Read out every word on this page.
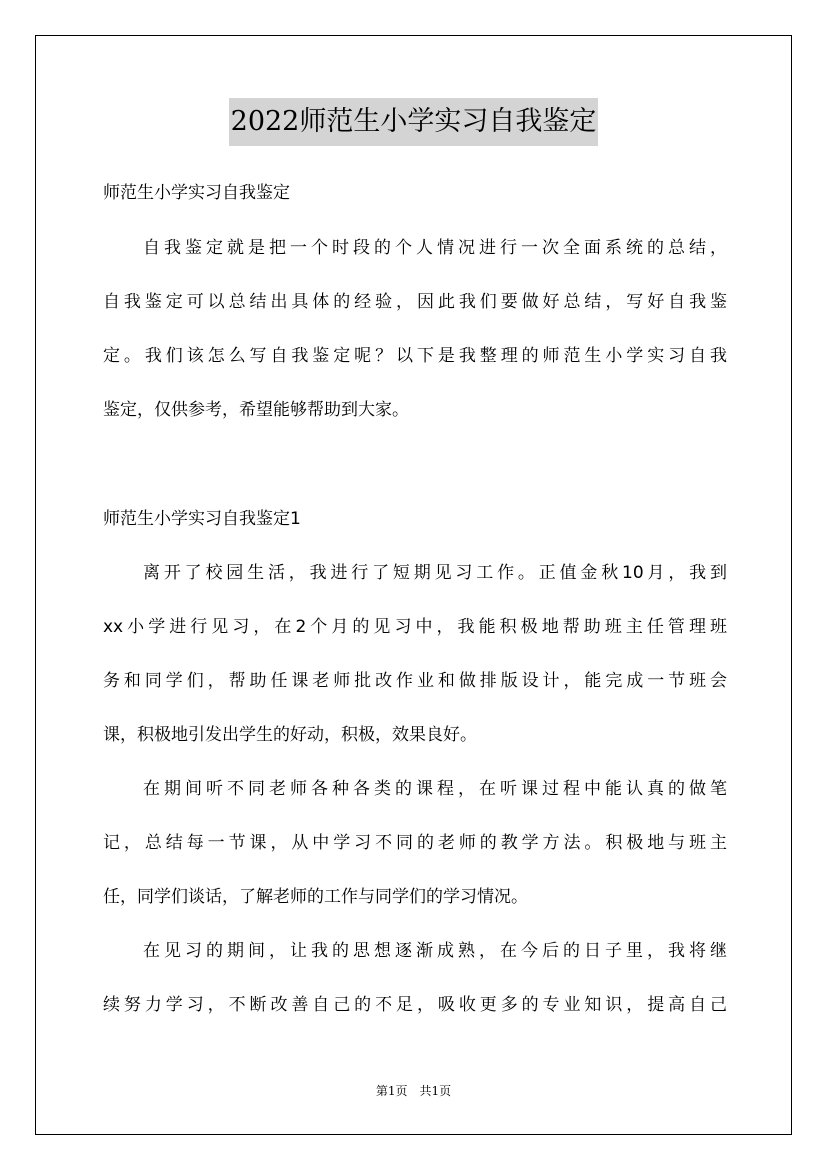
2022师范生小学实习自我鉴定
师范生小学实习自我鉴定
自我鉴定就是把一个时段的个人情况进行一次全面系统的总结，
自我鉴定可以总结出具体的经验，因此我们要做好总结，写好自我鉴
定。我们该怎么写自我鉴定呢？以下是我整理的师范生小学实习自我
鉴定，仅供参考，希望能够帮助到大家。
师范生小学实习自我鉴定1
离开了校园生活，我进行了短期见习工作。正值金秋10月，我到
xx小学进行见习，在2个月的见习中，我能积极地帮助班主任管理班
务和同学们，帮助任课老师批改作业和做排版设计，能完成一节班会
课，积极地引发出学生的好动，积极，效果良好。
在期间听不同老师各种各类的课程，在听课过程中能认真的做笔
记，总结每一节课，从中学习不同的老师的教学方法。积极地与班主
任，同学们谈话，了解老师的工作与同学们的学习情况。
在见习的期间，让我的思想逐渐成熟，在今后的日子里，我将继
续努力学习，不断改善自己的不足，吸收更多的专业知识，提高自己
第1页　共1页
